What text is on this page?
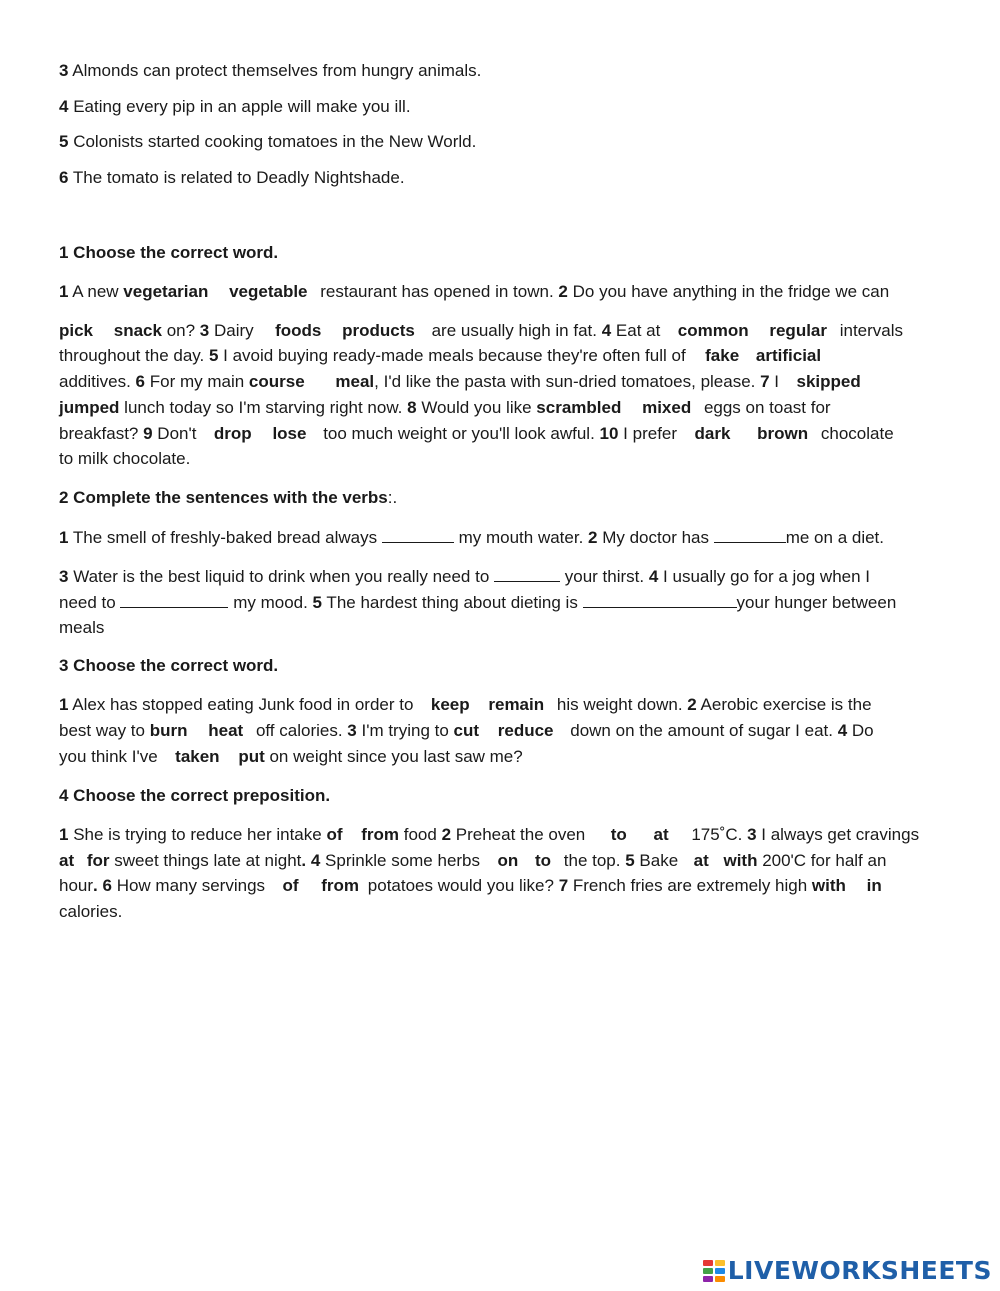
3 Almonds can protect themselves from hungry animals.
4 Eating every pip in an apple will make you ill.
5 Colonists started cooking tomatoes in the New World.
6 The tomato is related to Deadly Nightshade.
1 Choose the correct word.
1 A new vegetarian vegetable restaurant has opened in town. 2 Do you have anything in the fridge we can
pick snack on? 3 Dairy  foods products are usually high in fat. 4 Eat at  common regular intervals
throughout the day. 5 I avoid buying ready-made meals because they're often full of  fake artificial
additives. 6 For my main course meal, I'd like the pasta with sun-dried tomatoes, please. 7 I  skipped
jumped lunch today so I'm starving right now. 8 Would you like scrambled mixed eggs on toast for
breakfast? 9 Don't  drop lose too much weight or you'll look awful. 10 I prefer  dark brown chocolate
to milk chocolate.
2 Complete the sentences with the verbs:.
1 The smell of freshly-baked bread always	my mouth water. 2 My doctor has	me on a diet.
3 Water is the best liquid to drink when you really need to	your thirst. 4 I usually go for a jog when I
need to	my mood. 5 The hardest thing about dieting is	your hunger between
meals
3 Choose the correct word.
1 Alex has stopped eating Junk food in order to  keep remain his weight down. 2 Aerobic exercise is the
best way to burn heat off calories. 3 I'm trying to cut reduce down on the amount of sugar I eat. 4 Do
you think I've  taken put on weight since you last saw me?
4 Choose the correct preposition.
1 She is trying to reduce her intake of from food 2 Preheat the oven  to at 175˚C. 3 I always get cravings
at for sweet things late at night. 4 Sprinkle some herbs  on to the top. 5 Bake  at with 200'C for half an
hour. 6 How many servings  of from potatoes would you like? 7 French fries are extremely high with in
calories.
LIVEWORKSHEETS
